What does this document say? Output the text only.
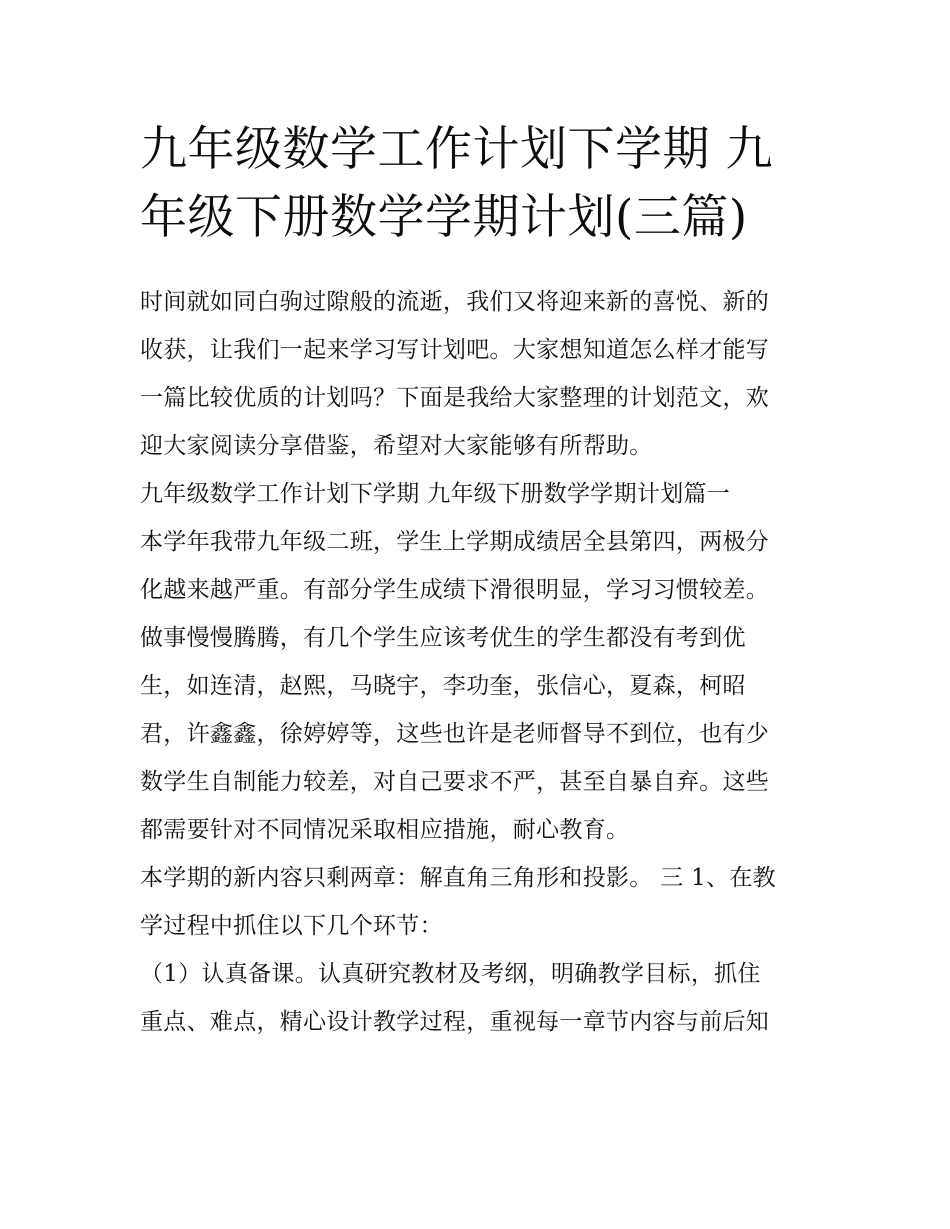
九年级数学工作计划下学期 九
年级下册数学学期计划(三篇)
时间就如同白驹过隙般的流逝，我们又将迎来新的喜悦、新的
收获，让我们一起来学习写计划吧。大家想知道怎么样才能写
一篇比较优质的计划吗？下面是我给大家整理的计划范文，欢
迎大家阅读分享借鉴，希望对大家能够有所帮助。
九年级数学工作计划下学期 九年级下册数学学期计划篇一
本学年我带九年级二班，学生上学期成绩居全县第四，两极分
化越来越严重。有部分学生成绩下滑很明显，学习习惯较差。
做事慢慢腾腾，有几个学生应该考优生的学生都没有考到优
生，如连清，赵熙，马晓宇，李功奎，张信心，夏森，柯昭
君，许鑫鑫，徐婷婷等，这些也许是老师督导不到位，也有少
数学生自制能力较差，对自己要求不严，甚至自暴自弃。这些
都需要针对不同情况采取相应措施，耐心教育。
本学期的新内容只剩两章：解直角三角形和投影。 三 1、在教
学过程中抓住以下几个环节：
（1）认真备课。认真研究教材及考纲，明确教学目标，抓住
重点、难点，精心设计教学过程，重视每一章节内容与前后知
